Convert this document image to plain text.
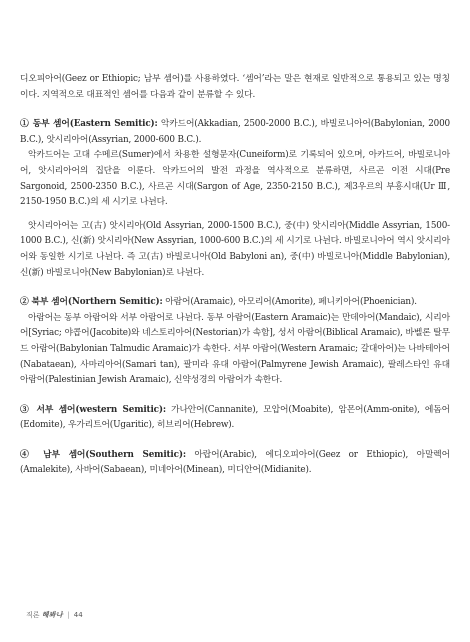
디오피아어(Geez or Ethiopic; 남부 셈어)를 사용하였다. ‘셈어’라는 말은 현재로 일반적으로 통용되고 있는 명칭이다. 지역적으로 대표적인 셈어를 다음과 같이 분류할 수 있다.

① 동부 셈어(Eastern Semitic): 악카드어(Akkadian, 2500-2000 B.C.), 바빌로니아어(Babylonian, 2000 B.C.), 앗시리아어(Assyrian, 2000-600 B.C.).

악카드어는 고대 수메르(Sumer)에서 차용한 설형문자(Cuneiform)로 기록되어 있으며, 아카드어, 바빌로니아어, 앗시리아어의 집단을 이룬다. 악카드어의 발전 과정을 역사적으로 분류하면, 사르곤 이전 시대(Pre Sargonoid, 2500-2350 B.C.), 사르곤 시대(Sargon of Age, 2350-2150 B.C.), 제3우르의 부흥시대(Ur Ⅲ, 2150-1950 B.C.)의 세 시기로 나뉜다.

앗시리아어는 고(古) 앗시리아(Old Assyrian, 2000-1500 B.C.), 중(中) 앗시리아(Middle Assyrian, 1500-1000 B.C.), 신(新) 앗시리아(New Assyrian, 1000-600 B.C.)의 세 시기로 나뉜다. 바빌로니아어 역시 앗시리아어와 동일한 시기로 나뉜다. 즉 고(古) 바빌로니아(Old Babyloni an), 중(中) 바빌로니아(Middle Babylonian), 신(新) 바빌로니아(New Babylonian)로 나뉜다.

② 북부 셈어(Northern Semitic): 아람어(Aramaic), 아모리어(Amorite), 페니키아어(Phoenician).

아람어는 동부 아람어와 서부 아람어로 나뉜다. 동부 아람어(Eastern Aramaic)는 만데아어(Mandaic), 시리아어[Syriac; 야콥어(Jacobite)와 네스토리아어(Nestorian)가 속함], 성서 아람어(Biblical Aramaic), 바벨론 탈무드 아람어(Babylonian Talmudic Aramaic)가 속한다. 서부 아람어(Western Aramaic; 갈대아어)는 나바테아어(Nabataean), 사마리아어(Samari tan), 팔미라 유대 아람어(Palmyrene Jewish Aramaic), 팔레스타인 유대 아람어(Palestinian Jewish Aramaic), 신약성경의 아람어가 속한다.

③ 서부 셈어(western Semitic): 가나안어(Cannanite), 모압어(Moabite), 암몬어(Amm-onite), 에돔어(Edomite), 우가리트어(Ugaritic), 히브리어(Hebrew).

④ 남부 셈어(Southern Semitic): 아랍어(Arabic), 에디오피아어(Geez or Ethiopic), 아말렉어(Amalekite), 사바어(Sabaean), 미네아어(Minean), 미디안어(Midianite).

직론 해봐나 | 44
